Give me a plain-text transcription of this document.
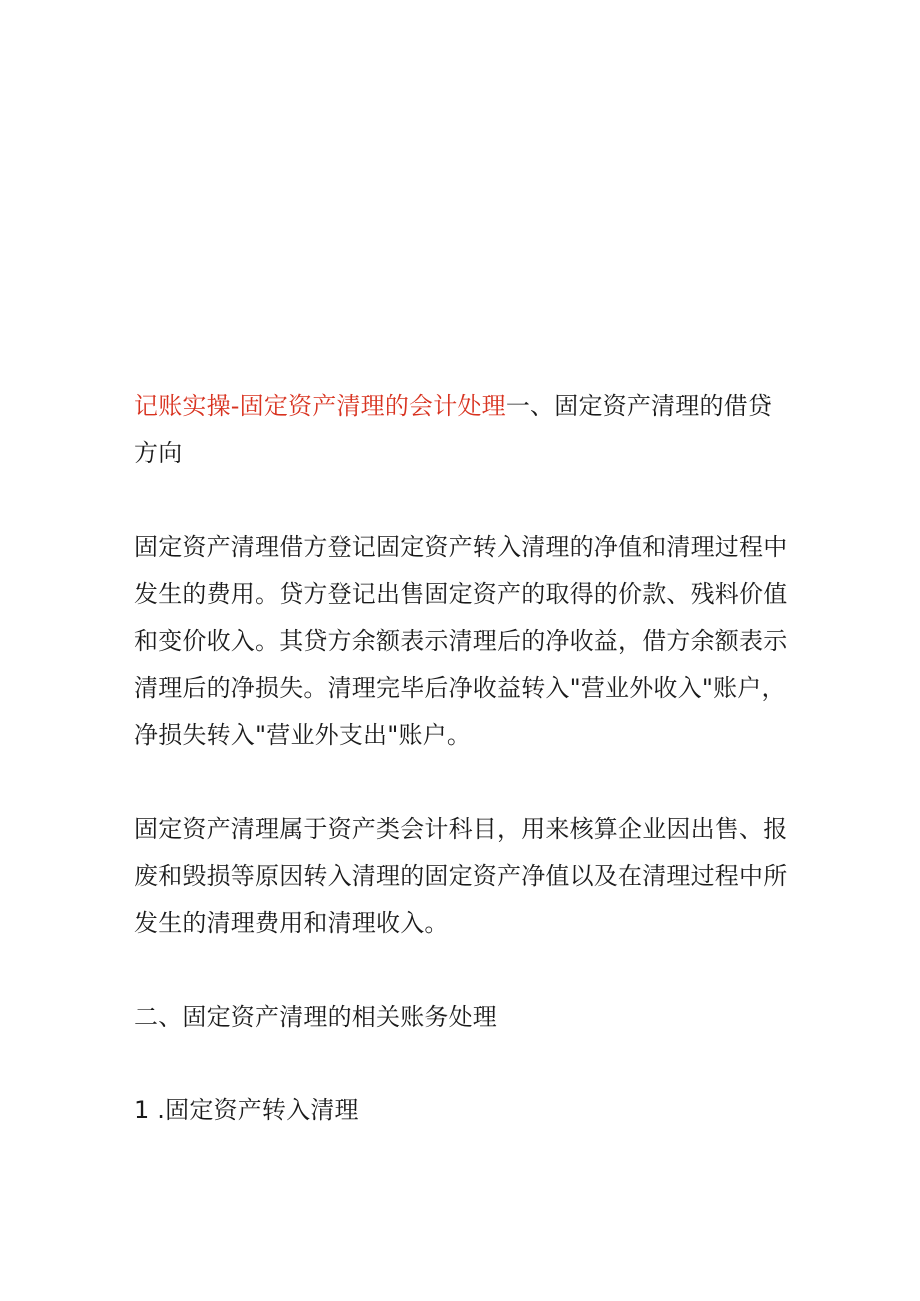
记账实操-固定资产清理的会计处理一、固定资产清理的借贷方向

固定资产清理借方登记固定资产转入清理的净值和清理过程中发生的费用。贷方登记出售固定资产的取得的价款、残料价值和变价收入。其贷方余额表示清理后的净收益，借方余额表示清理后的净损失。清理完毕后净收益转入"营业外收入"账户，净损失转入"营业外支出"账户。

固定资产清理属于资产类会计科目，用来核算企业因出售、报废和毁损等原因转入清理的固定资产净值以及在清理过程中所发生的清理费用和清理收入。

二、固定资产清理的相关账务处理

1 .固定资产转入清理
